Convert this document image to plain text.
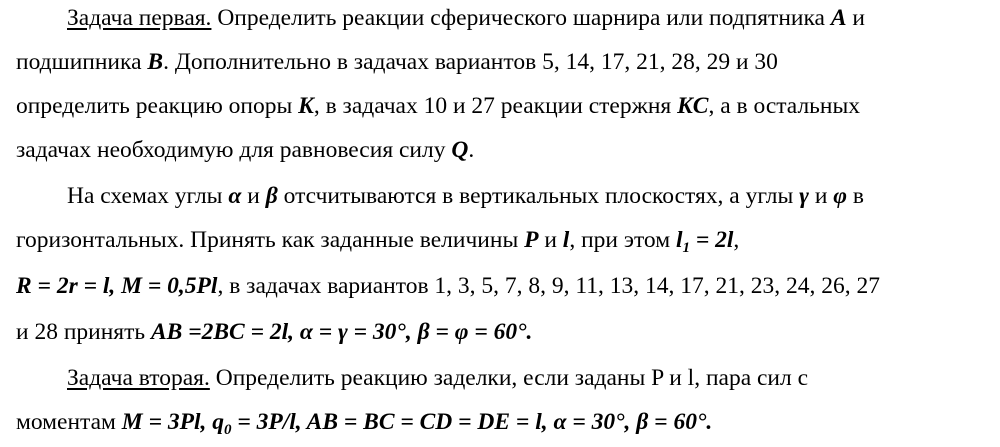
Задача первая. Определить реакции сферического шарнира или подпятника A и
подшипника B. Дополнительно в задачах вариантов 5, 14, 17, 21, 28, 29 и 30
определить реакцию опоры K, в задачах 10 и 27 реакции стержня KC, а в остальных
задачах необходимую для равновесия силу Q.
На схемах углы α и β отсчитываются в вертикальных плоскостях, а углы γ и φ в
горизонтальных. Принять как заданные величины P и l, при этом $l_1 = 2l$,
R = 2r = l, M = 0,5Pl, в задачах вариантов 1, 3, 5, 7, 8, 9, 11, 13, 14, 17, 21, 23, 24, 26, 27
и 28 принять AB =2BC = 2l, α = γ = 30°, β = φ = 60°.
Задача вторая. Определить реакцию заделки, если заданы P и l, пара сил с
моментам M = 3Pl, $q_0 = 3P/l$, AB = BC = CD = DE = l, α = 30°, β = 60°.
